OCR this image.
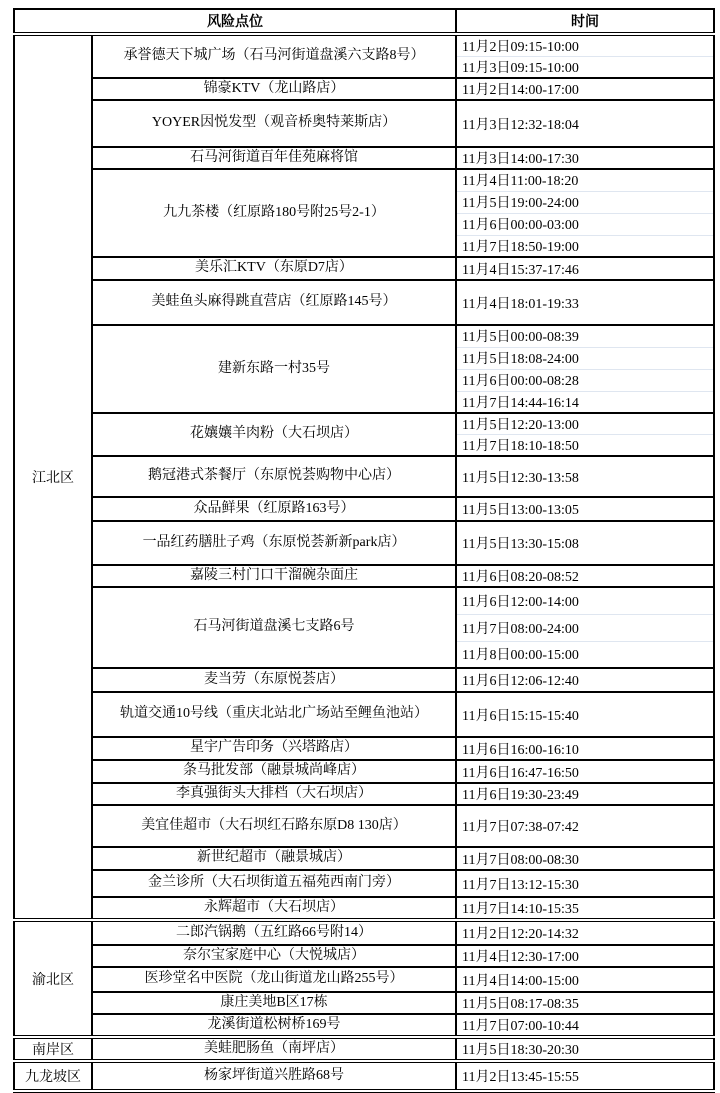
风险点位		时间
江北区	承誉德天下城广场（石马河街道盘溪六支路8号）	11月2日09:15-10:00
		11月3日09:15-10:00
	锦豪KTV（龙山路店）	11月2日14:00-17:00
	YOYER因悦发型（观音桥奥特莱斯店）	11月3日12:32-18:04
	石马河街道百年佳苑麻将馆	11月3日14:00-17:30
	九九茶楼（红原路180号附25号2-1）	11月4日11:00-18:20
		11月5日19:00-24:00
		11月6日00:00-03:00
		11月7日18:50-19:00
	美乐汇KTV（东原D7店）	11月4日15:37-17:46
	美蛙鱼头麻得跳直营店（红原路145号）	11月4日18:01-19:33
	建新东路一村35号	11月5日00:00-08:39
		11月5日18:08-24:00
		11月6日00:00-08:28
		11月7日14:44-16:14
	花孃孃羊肉粉（大石坝店）	11月5日12:20-13:00
		11月7日18:10-18:50
	鹅冠港式茶餐厅（东原悦荟购物中心店）	11月5日12:30-13:58
	众品鲜果（红原路163号）	11月5日13:00-13:05
	一品红药膳肚子鸡（东原悦荟新新park店）	11月5日13:30-15:08
	嘉陵三村门口干溜碗杂面庄	11月6日08:20-08:52
	石马河街道盘溪七支路6号	11月6日12:00-14:00
		11月7日08:00-24:00
		11月8日00:00-15:00
	麦当劳（东原悦荟店）	11月6日12:06-12:40
	轨道交通10号线（重庆北站北广场站至鲤鱼池站）	11月6日15:15-15:40
	星宇广告印务（兴塔路店）	11月6日16:00-16:10
	条马批发部（融景城尚峰店）	11月6日16:47-16:50
	李真强街头大排档（大石坝店）	11月6日19:30-23:49
	美宜佳超市（大石坝红石路东原D8 130店）	11月7日07:38-07:42
	新世纪超市（融景城店）	11月7日08:00-08:30
	金兰诊所（大石坝街道五福苑西南门旁）	11月7日13:12-15:30
	永辉超市（大石坝店）	11月7日14:10-15:35
渝北区	二郎汽锅鹅（五红路66号附14）	11月2日12:20-14:32
	奈尔宝家庭中心（大悦城店）	11月4日12:30-17:00
	医珍堂名中医院（龙山街道龙山路255号）	11月4日14:00-15:00
	康庄美地B区17栋	11月5日08:17-08:35
	龙溪街道松树桥169号	11月7日07:00-10:44
南岸区	美蛙肥肠鱼（南坪店）	11月5日18:30-20:30
九龙坡区	杨家坪街道兴胜路68号	11月2日13:45-15:55
